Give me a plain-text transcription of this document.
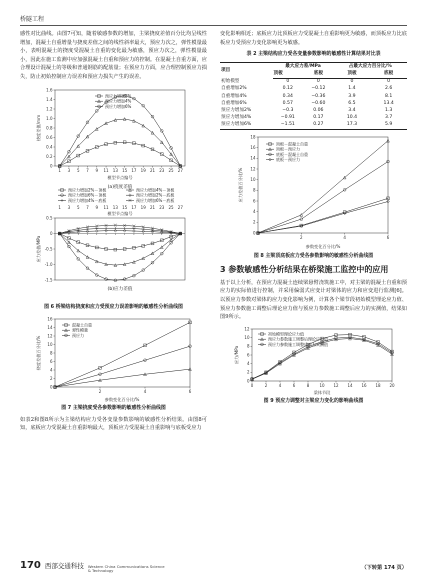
桥隧工程

感性对比曲线。由图7可知，随着敏感参数的增加，主梁挠度差值百分比均呈线性增加，混凝土自重增量与挠度差值之间的线性斜率最大，预应力次之，弹性模量最小，表明混凝土的挠度受混凝土自重的变化最为敏感，预应力次之，弹性模量最小，因此在施工监测中应加强混凝土自重和预应力的控制。在混凝土自重方面，应合理设计混凝土的等级和普通钢筋的配筋量；在预应力方面，应合理控制预应力损失，防止初始控制应力误差和预应力损失产生的误差。

0
0.2
0.4
0.6
0.8
1.0
1.2
1.4
1.6
1 3 5 7 9 11 13 15 17 19 21 23 25 27
挠度差值/mm
模型节点编号
预应力增加2%
预应力增加4%
预应力增加6%
(a)挠度差值
-1.5
-1.0
-0.5
0
0.5
1 3 5 7 9 11 13 15 17 19 21 23 25 27
预应力增加2%－顶板	预应力增加4%－顶板
预应力增加6%－顶板	预应力增加2%－底板
预应力增加4%－底板	预应力增加6%－底板
模型节点编号
应力差值/MPa
(b)应力差值
图 6 桥梁结构挠度和应力受预应力误差影响的敏感性分析曲线图
0
2
4
6
8
10
12
14
16
2	4	6
混凝土自重
弹性模量
预应力
挠度差值百分比/%
参数变化百分比/%
图 7 主梁挠度受各参数影响的敏感性分析曲线图

如表2和图8所示为主梁结构应力受各变量参数影响的敏感性分析结果。由图8可知，底板应力受混凝土自重影响最大，顶板应力受混凝土自重影响与底板受应力

变化影响相近；底板应力比顶板应力受混凝土自重影响更为敏感，而顶板应力比底板应力受预应力变化影响更为敏感。

表 2 主梁结构应力受各变量参数影响的敏感性计算结果对比表
项目	最大应力差/MPa		占最大应力百分比/%	
	顶板	底板	顶板	底板
初始模型	0	0	0	0
自重增加2%	0.12	−0.12	1.4	2.6
自重增加4%	0.34	−0.36	3.9	8.1
自重增加6%	0.57	−0.60	6.5	13.4
预应力增加2%	−0.3	0.06	3.4	1.3
预应力增加4%	−0.91	0.17	10.4	3.7
预应力增加6%	−1.51	0.27	17.3	5.9
0
2
4
6
8
10
12
14
16
18
2	4	6
顶板－混凝土自重
顶板－预应力
底板－混凝土自重
底板－预应力
应力差值百分比/%
参数变化百分比/%
图 8 主梁顶底板应力受各参数影响的敏感性分析曲线图
3 参数敏感性分析结果在桥梁施工监控中的应用

基于以上分析，在预应力混凝土连续梁悬臂浇筑施工中，对主梁的混凝土自重和预应力的实际值进行控制，并采用偏弱式应变计对梁体的应力和应变进行监测[6]。以预应力参数对梁体的应力变化影响为例，计算各个梁节段初始模型理论应力值、预应力参数施工调整后理论应力值与预应力参数施工调整后应力的实测值，结果如图9所示。

0
2
4
6
8
10
12
0	2	4	6	8	10 12 14 16 18 20
初始模型理论应力值
预应力参数施工调整后理论应力值
预应力参数施工调整后应力实测值
应力/MPa
梁体节段
图 9 预应力调整对主梁应力变化的影响曲线图
170 西部交通科技 Western China Communications Science & Technology	（下转第 174 页）
